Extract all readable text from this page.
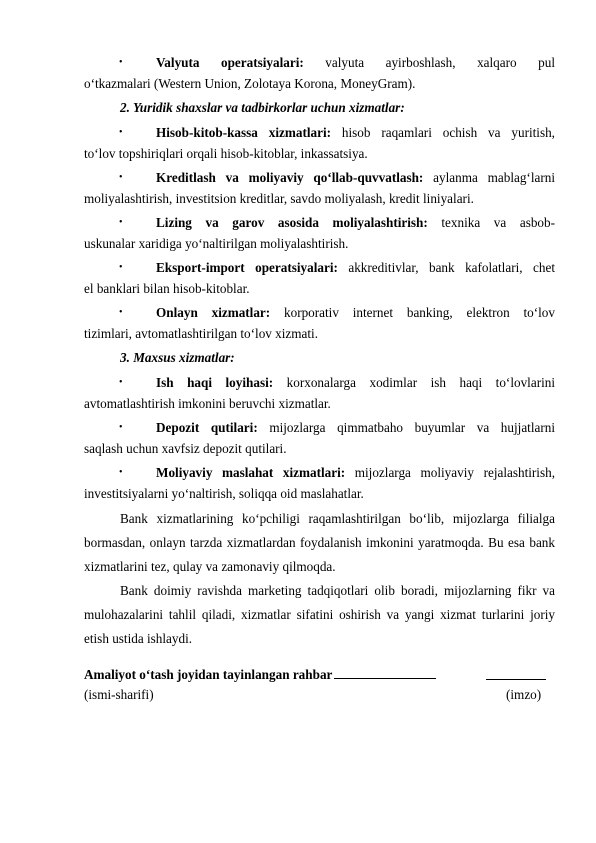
•	Valyuta operatsiyalari: valyuta ayirboshlash, xalqaro pul
o‘tkazmalari (Western Union, Zolotaya Korona, MoneyGram).
2. Yuridik shaxslar va tadbirkorlar uchun xizmatlar:
•	Hisob-kitob-kassa xizmatlari: hisob raqamlari ochish va yuritish,
to‘lov topshiriqlari orqali hisob-kitoblar, inkassatsiya.
•	Kreditlash va moliyaviy qo‘llab-quvvatlash: aylanma mablag‘larni
moliyalashtirish, investitsion kreditlar, savdo moliyalash, kredit liniyalari.
•	Lizing va garov asosida moliyalashtirish: texnika va asbob-
uskunalar xaridiga yo‘naltirilgan moliyalashtirish.
•	Eksport-import operatsiyalari: akkreditivlar, bank kafolatlari, chet
el banklari bilan hisob-kitoblar.
•	Onlayn xizmatlar: korporativ internet banking, elektron to‘lov
tizimlari, avtomatlashtirilgan to‘lov xizmati.
3. Maxsus xizmatlar:
•	Ish haqi loyihasi: korxonalarga xodimlar ish haqi to‘lovlarini
avtomatlashtirish imkonini beruvchi xizmatlar.
•	Depozit qutilari: mijozlarga qimmatbaho buyumlar va hujjatlarni
saqlash uchun xavfsiz depozit qutilari.
•	Moliyaviy maslahat xizmatlari: mijozlarga moliyaviy rejalashtirish,
investitsiyalarni yo‘naltirish, soliqqa oid maslahatlar.
Bank xizmatlarining ko‘pchiligi raqamlashtirilgan bo‘lib, mijozlarga filialga bormasdan, onlayn tarzda xizmatlardan foydalanish imkonini yaratmoqda. Bu esa bank xizmatlarini tez, qulay va zamonaviy qilmoqda.
Bank doimiy ravishda marketing tadqiqotlari olib boradi, mijozlarning fikr va mulohazalarini tahlil qiladi, xizmatlar sifatini oshirish va yangi xizmat turlarini joriy etish ustida ishlaydi.
Amaliyot o‘tash joyidan tayinlangan rahbar
(ismi-sharifi)	(imzo)
